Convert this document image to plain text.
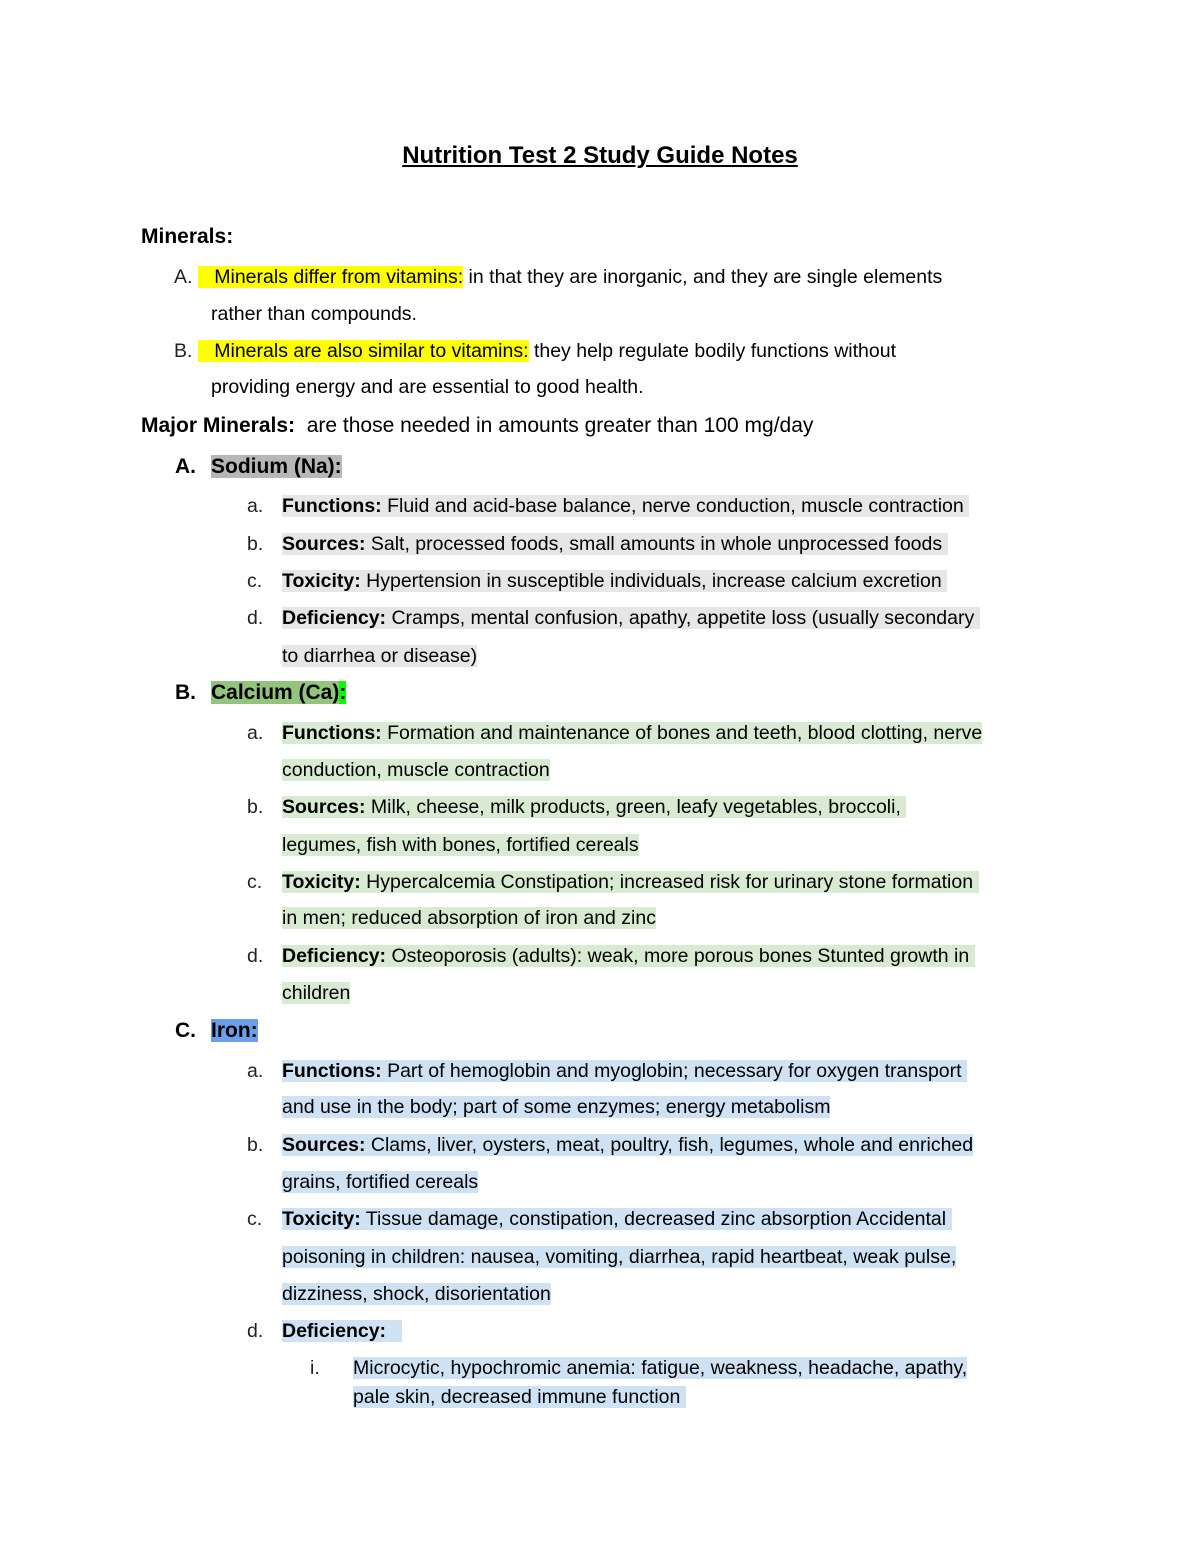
Nutrition Test 2 Study Guide Notes
Minerals:
A.	Minerals differ from vitamins: in that they are inorganic, and they are single elements
rather than compounds.
B.	Minerals are also similar to vitamins: they help regulate bodily functions without
providing energy and are essential to good health.
Major Minerals: are those needed in amounts greater than 100 mg/day
A. Sodium (Na):
a. Functions: Fluid and acid-base balance, nerve conduction, muscle contraction
b. Sources: Salt, processed foods, small amounts in whole unprocessed foods
c. Toxicity: Hypertension in susceptible individuals, increase calcium excretion
d. Deficiency: Cramps, mental confusion, apathy, appetite loss (usually secondary
to diarrhea or disease)
B. Calcium (Ca):
a. Functions: Formation and maintenance of bones and teeth, blood clotting, nerve
conduction, muscle contraction
b. Sources: Milk, cheese, milk products, green, leafy vegetables, broccoli,
legumes, fish with bones, fortified cereals
c. Toxicity: Hypercalcemia Constipation; increased risk for urinary stone formation
in men; reduced absorption of iron and zinc
d. Deficiency: Osteoporosis (adults): weak, more porous bones Stunted growth in
children
C. Iron:
a. Functions: Part of hemoglobin and myoglobin; necessary for oxygen transport
and use in the body; part of some enzymes; energy metabolism
b. Sources: Clams, liver, oysters, meat, poultry, fish, legumes, whole and enriched
grains, fortified cereals
c. Toxicity: Tissue damage, constipation, decreased zinc absorption Accidental
poisoning in children: nausea, vomiting, diarrhea, rapid heartbeat, weak pulse,
dizziness, shock, disorientation
d. Deficiency:
i. Microcytic, hypochromic anemia: fatigue, weakness, headache, apathy,
pale skin, decreased immune function
